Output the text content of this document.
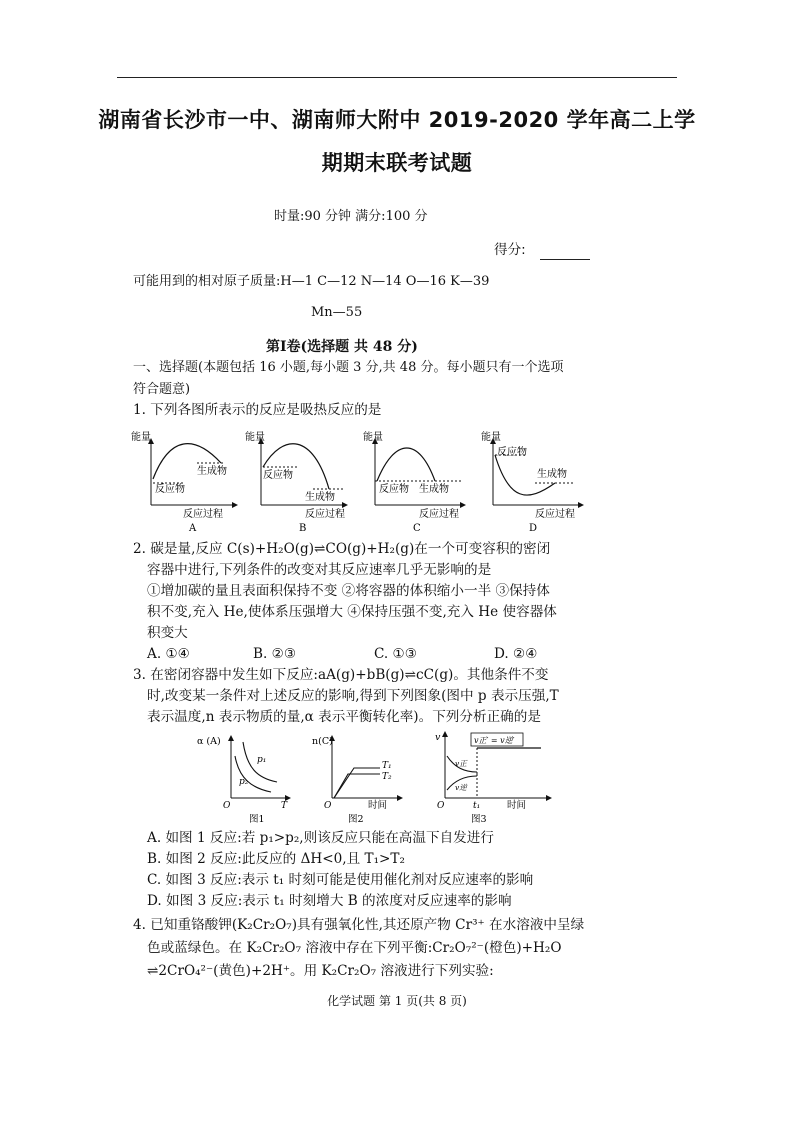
湖南省长沙市一中、湖南师大附中 2019-2020 学年高二上学
期期末联考试题
时量:90 分钟 满分:100 分
得分:
可能用到的相对原子质量:H—1 C—12 N—14 O—16 K—39
Mn—55
第Ⅰ卷(选择题 共 48 分)
一、选择题(本题包括 16 小题,每小题 3 分,共 48 分。每小题只有一个选项
符合题意)
1. 下列各图所表示的反应是吸热反应的是
能量
反应物
生成物
反应过程
A
能量
反应物
生成物
反应过程
B
能量
反应物 生成物
反应过程
C
能量
反应物
生成物
反应过程
D
2. 碳是量,反应 C(s)+H₂O(g)⇌CO(g)+H₂(g)在一个可变容积的密闭
容器中进行,下列条件的改变对其反应速率几乎无影响的是
①增加碳的量且表面积保持不变 ②将容器的体积缩小一半 ③保持体
积不变,充入 He,使体系压强增大 ④保持压强不变,充入 He 使容器体
积变大
A. ①④	B. ②③	C. ①③	D. ②④
3. 在密闭容器中发生如下反应:aA(g)+bB(g)⇌cC(g)。其他条件不变
时,改变某一条件对上述反应的影响,得到下列图象(图中 p 表示压强,T
表示温度,n 表示物质的量,α 表示平衡转化率)。下列分析正确的是
α (A)
p₁
p₂
O	T
图1
n(C)
T₁
T₂
O	时间
图2
v	v正′ = v逆′
v正
v逆
O	t₁	时间
图3
A. 如图 1 反应:若 p₁>p₂,则该反应只能在高温下自发进行
B. 如图 2 反应:此反应的 ΔH<0,且 T₁>T₂
C. 如图 3 反应:表示 t₁ 时刻可能是使用催化剂对反应速率的影响
D. 如图 3 反应:表示 t₁ 时刻增大 B 的浓度对反应速率的影响
4. 已知重铬酸钾(K₂Cr₂O₇)具有强氧化性,其还原产物 Cr³⁺ 在水溶液中呈绿
色或蓝绿色。在 K₂Cr₂O₇ 溶液中存在下列平衡:Cr₂O₇²⁻(橙色)+H₂O
⇌2CrO₄²⁻(黄色)+2H⁺。用 K₂Cr₂O₇ 溶液进行下列实验:
化学试题 第 1 页(共 8 页)
